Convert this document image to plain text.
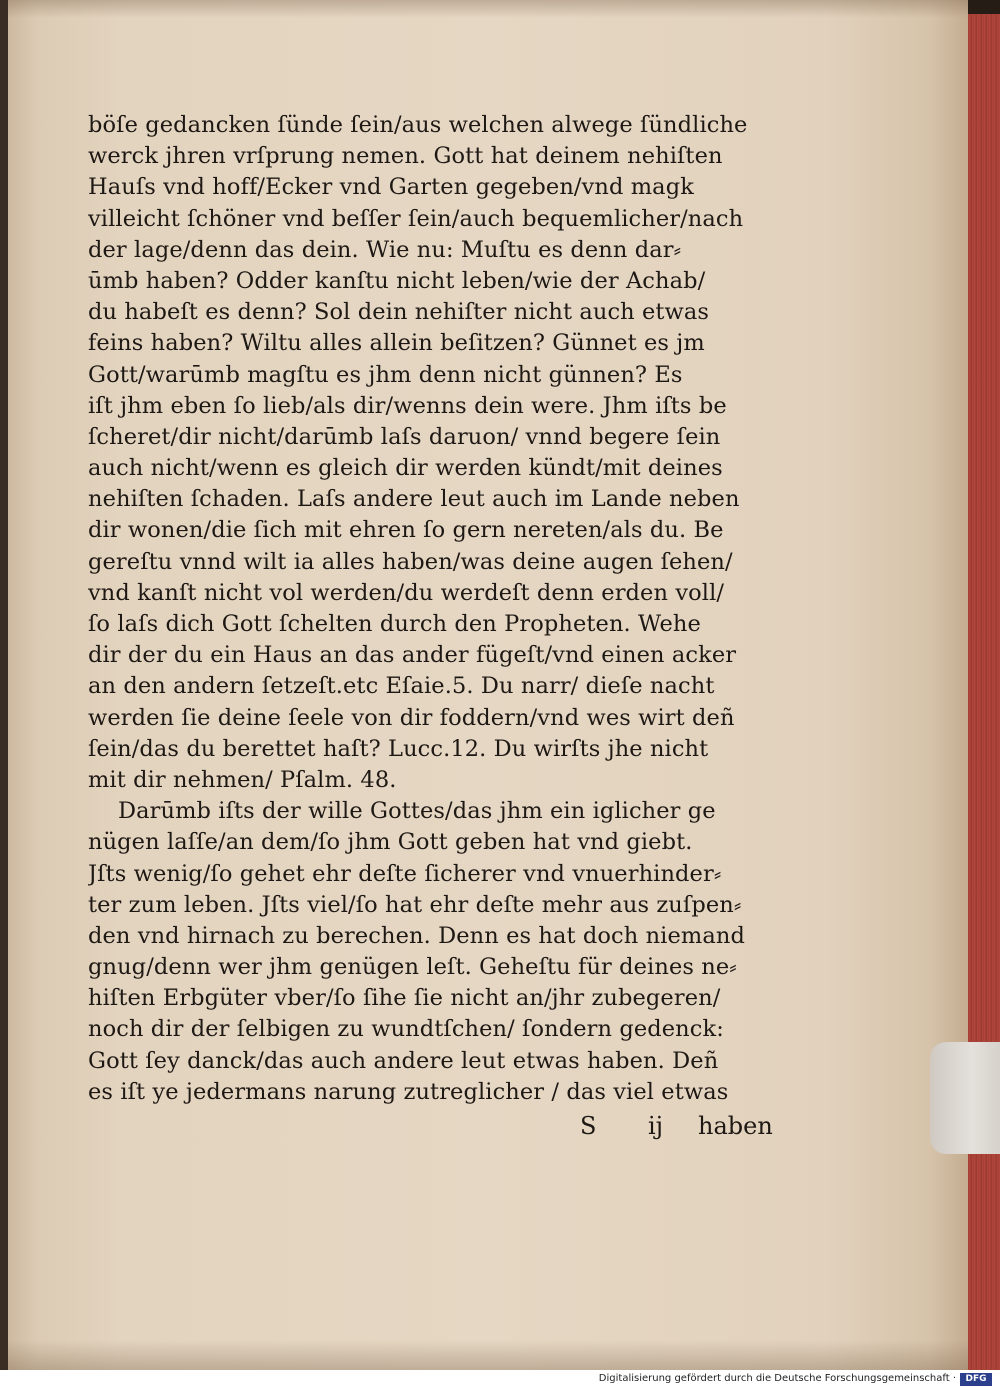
böſe gedancken ſünde ſein/aus welchen alwege ſündliche
werck jhren vrſprung nemen. Gott hat deinem nehiſten
Hauſs vnd hoff/Ecker vnd Garten gegeben/vnd magk
villeicht ſchöner vnd beſſer ſein/auch bequemlicher/nach
der lage/denn das dein. Wie nu: Muſtu es denn dar⸗
ūmb haben? Odder kanſtu nicht leben/wie der Achab/
du habeſt es denn? Sol dein nehiſter nicht auch etwas
feins haben? Wiltu alles allein beſitzen? Günnet es jm
Gott/warūmb magſtu es jhm denn nicht günnen? Es
iſt jhm eben ſo lieb/als dir/wenns dein were. Jhm iſts be
ſcheret/dir nicht/darūmb laſs daruon/ vnnd begere ſein
auch nicht/wenn es gleich dir werden kündt/mit deines
nehiſten ſchaden. Laſs andere leut auch im Lande neben
dir wonen/die ſich mit ehren ſo gern nereten/als du. Be
gereſtu vnnd wilt ia alles haben/was deine augen ſehen/
vnd kanſt nicht vol werden/du werdeſt denn erden voll/
ſo laſs dich Gott ſchelten durch den Propheten. Wehe
dir der du ein Haus an das ander fügeſt/vnd einen acker
an den andern ſetzeſt.etc Eſaie.5. Du narr/ dieſe nacht
werden ſie deine ſeele von dir foddern/vnd wes wirt deñ
ſein/das du berettet haſt? Lucc.12. Du wirſts jhe nicht
mit dir nehmen/ Pſalm. 48.
Darūmb iſts der wille Gottes/das jhm ein iglicher ge
nügen laſſe/an dem/ſo jhm Gott geben hat vnd giebt.
Jſts wenig/ſo gehet ehr deſte ſicherer vnd vnuerhinder⸗
ter zum leben. Jſts viel/ſo hat ehr deſte mehr aus zuſpen⸗
den vnd hirnach zu berechen. Denn es hat doch niemand
gnug/denn wer jhm genügen leſt. Geheſtu für deines ne⸗
hiſten Erbgüter vber/ſo ſihe ſie nicht an/jhr zubegeren/
noch dir der ſelbigen zu wundtſchen/ ſondern gedenck:
Gott ſey danck/das auch andere leut etwas haben. Deñ
es iſt ye jedermans narung zutreglicher / das viel etwas
S ij haben
Digitalisierung gefördert durch die Deutsche Forschungsgemeinschaft ·	DFG
